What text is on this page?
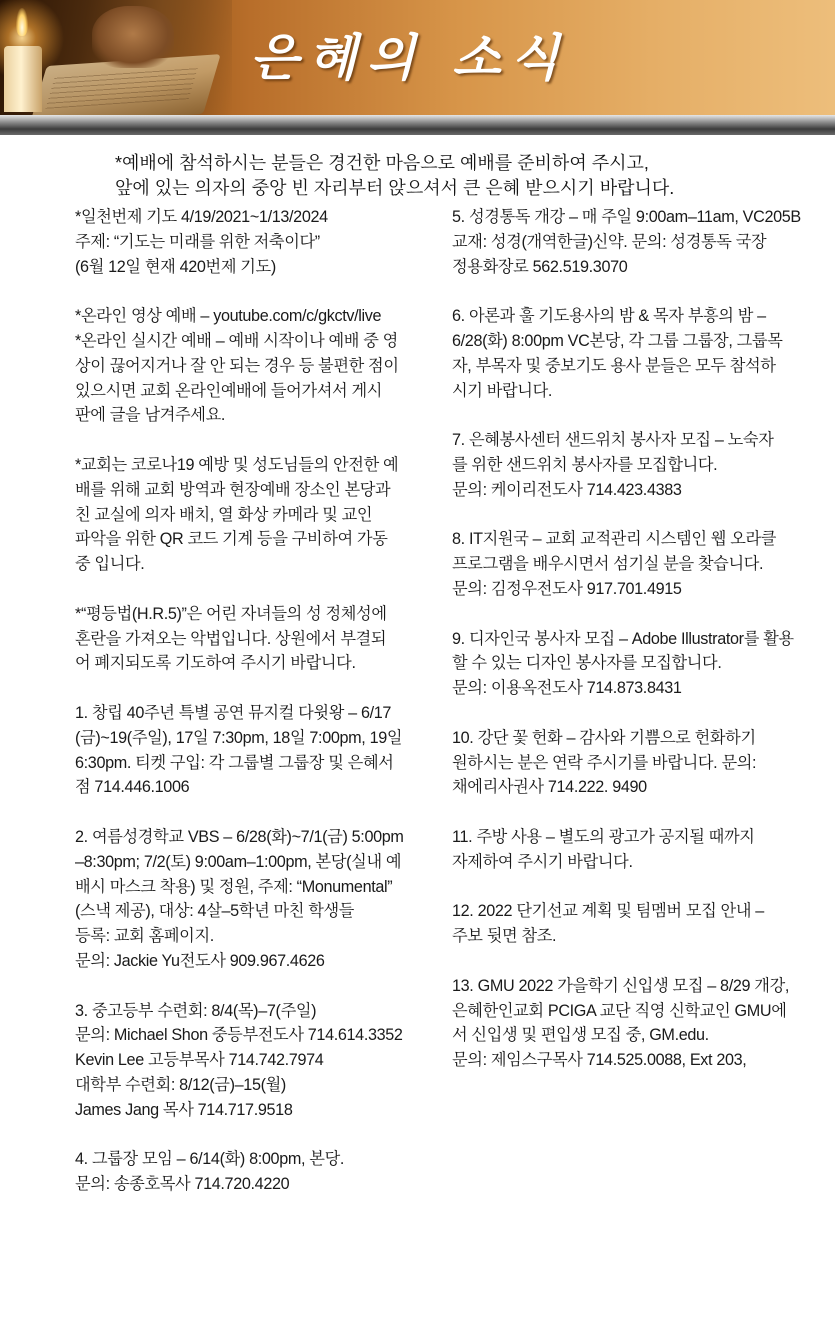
은혜의 소식
*예배에 참석하시는 분들은 경건한 마음으로 예배를 준비하여 주시고,
앞에 있는 의자의 중앙 빈 자리부터 앉으셔서 큰 은혜 받으시기 바랍니다.
*일천번제 기도 4/19/2021~1/13/2024
주제: “기도는 미래를 위한 저축이다”
(6월 12일 현재 420번제 기도)
*온라인 영상 예배 – youtube.com/c/gkctv/live
*온라인 실시간 예배 – 예배 시작이나 예배 중 영
상이 끊어지거나 잘 안 되는 경우 등 불편한 점이
있으시면 교회 온라인예배에 들어가셔서 게시
판에 글을 남겨주세요.
*교회는 코로나19 예방 및 성도님들의 안전한 예
배를 위해 교회 방역과 현장예배 장소인 본당과
친 교실에 의자 배치, 열 화상 카메라 및 교인
파악을 위한 QR 코드 기계 등을 구비하여 가동
중 입니다.
*“평등법(H.R.5)”은 어린 자녀들의 성 정체성에
혼란을 가져오는 악법입니다. 상원에서 부결되
어 폐지되도록 기도하여 주시기 바랍니다.
1. 창립 40주년 특별 공연 뮤지컬 다윗왕 – 6/17
(금)~19(주일), 17일 7:30pm, 18일 7:00pm, 19일
6:30pm. 티켓 구입: 각 그룹별 그룹장 및 은혜서
점 714.446.1006
2. 여름성경학교 VBS – 6/28(화)~7/1(금) 5:00pm
–8:30pm; 7/2(토) 9:00am–1:00pm, 본당(실내 예
배시 마스크 착용) 및 정원, 주제: “Monumental”
(스낵 제공), 대상: 4살–5학년 마친 학생들
등록: 교회 홈페이지.
문의: Jackie Yu전도사 909.967.4626
3. 중고등부 수련회: 8/4(목)–7(주일)
문의: Michael Shon 중등부전도사 714.614.3352
Kevin Lee 고등부목사 714.742.7974
대학부 수련회: 8/12(금)–15(월)
James Jang 목사 714.717.9518
4. 그룹장 모임 – 6/14(화) 8:00pm, 본당.
문의: 송종호목사 714.720.4220
5. 성경통독 개강 – 매 주일 9:00am–11am, VC205B
교재: 성경(개역한글)신약. 문의: 성경통독 국장
정용화장로 562.519.3070
6. 아론과 훌 기도용사의 밤 & 목자 부흥의 밤 –
6/28(화) 8:00pm VC본당, 각 그룹 그룹장, 그룹목
자, 부목자 및 중보기도 용사 분들은 모두 참석하
시기 바랍니다.
7. 은혜봉사센터 샌드위치 봉사자 모집 – 노숙자
를 위한 샌드위치 봉사자를 모집합니다.
문의: 케이리전도사 714.423.4383
8. IT지원국 – 교회 교적관리 시스템인 웹 오라클
프로그램을 배우시면서 섬기실 분을 찾습니다.
문의: 김정우전도사 917.701.4915
9. 디자인국 봉사자 모집 – Adobe Illustrator를 활용
할 수 있는 디자인 봉사자를 모집합니다.
문의: 이용옥전도사 714.873.8431
10. 강단 꽃 헌화 – 감사와 기쁨으로 헌화하기
원하시는 분은 연락 주시기를 바랍니다. 문의:
채에리사권사 714.222. 9490
11. 주방 사용 – 별도의 광고가 공지될 때까지
자제하여 주시기 바랍니다.
12. 2022 단기선교 계획 및 팀멤버 모집 안내 –
주보 뒷면 참조.
13. GMU 2022 가을학기 신입생 모집 – 8/29 개강,
은혜한인교회 PCIGA 교단 직영 신학교인 GMU에
서 신입생 및 편입생 모집 중, GM.edu.
문의: 제임스구목사 714.525.0088, Ext 203,
